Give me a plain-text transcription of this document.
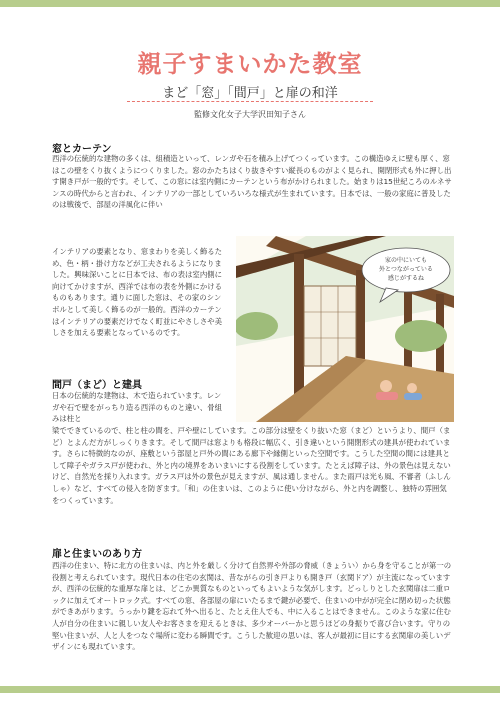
親子すまいかた教室
まど「窓」「間戸」と扉の和洋
監修文化女子大学沢田知子さん
窓とカーテン

西洋の伝統的な建物の多くは、組積造といって、レンガや石を積み上げてつくっています。この構造ゆえに壁も厚く、窓はこの壁をくり抜くようにつくりました。窓のかたちはくり抜きやすい縦長のものがよく見られ、開閉形式も外に押し出す開き戸が一般的です。そして、この窓には室内側にカーテンという布がかけられました。始まりは15世紀ころのルネサンスの時代からと言われ、インテリアの一部としていろいろな様式が生まれています。日本では、一般の家庭に普及したのは戦後で、部屋の洋風化に伴い

インテリアの要素となり、窓まわりを美しく飾るため、色・柄・掛け方などが工夫されるようになりました。興味深いことに日本では、布の表は室内側に向けてかけますが、西洋では布の表を外側にかけるものもあります。通りに面した窓は、その家のシンボルとして美しく飾るのが一般的。西洋のカーテンはインテリアの要素だけでなく町並にやさしさや美しさを加える要素となっているのです。

家の中にいても
外とつながっている
感じがするね
間戸（まど）と建具

日本の伝統的な建物は、木で造られています。レンガや石で壁をがっちり造る西洋のものと違い、骨組みは柱と

梁でできているので、柱と柱の間を、戸や壁にしています。この部分は壁をくり抜いた窓（まど）というより、間戸（まど）とよんだ方がしっくりきます。そして間戸は窓よりも格段に幅広く、引き違いという開閉形式の建具が使われています。さらに特徴的なのが、座敷という部屋と戸外の間にある廊下や縁側といった空間です。こうした空間の間には建具として障子やガラス戸が使われ、外と内の境界をあいまいにする役割をしています。たとえば障子は、外の景色は見えないけど、自然光を採り入れます。ガラス戸は外の景色が見えますが、風は通しません。また雨戸は光も風、不審者（ふしんしゃ）など、すべての侵入を防ぎます。「和」の住まいは、このように使い分けながら、外と内を調整し、独特の雰囲気をつくっています。

扉と住まいのあり方

西洋の住まい、特に北方の住まいは、内と外を厳しく分けて自然界や外部の脅威（きょうい）から身を守ることが第一の役割と考えられています。現代日本の住宅の玄関は、昔ながらの引き戸よりも開き戸（玄関ドア）が主流になっていますが、西洋の伝統的な重厚な扉とは、どこか異質なものといってもよいような気がします。どっしりとした玄関扉は二重ロックに加えてオートロック式。すべての窓、各部屋の扉にいたるまで鍵が必要で、住まいの中がが完全に閉め切った状態ができあがります。うっかり鍵を忘れて外へ出ると、たとえ住人でも、中に入ることはできません。このような家に住む人が自分の住まいに親しい友人やお客さまを迎えるときは、多少オーバーかと思うほどの身振りで喜び合います。守りの堅い住まいが、人と人をつなぐ場所に変わる瞬間です。こうした歓迎の思いは、客人が最初に目にする玄関扉の美しいデザインにも現れています。
